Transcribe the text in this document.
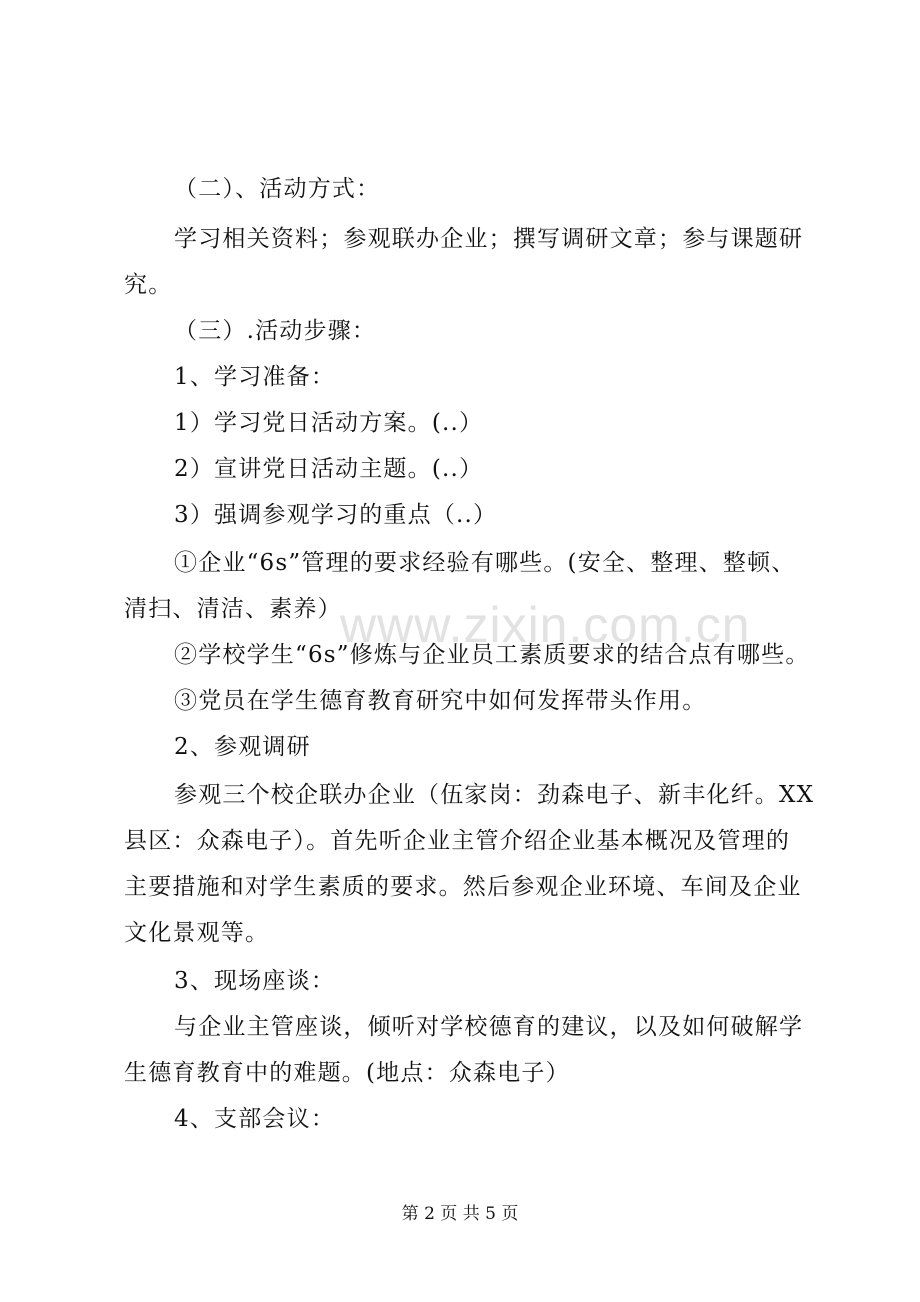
www.zixin.com.cn
（二）、活动方式：
学习相关资料；参观联办企业；撰写调研文章；参与课题研
究。
（三）.活动步骤：
1、学习准备：
1）学习党日活动方案。(..）
2）宣讲党日活动主题。(..）
3）强调参观学习的重点（..）
①企业“6s”管理的要求经验有哪些。(安全、整理、整顿、
清扫、清洁、素养）
②学校学生“6s”修炼与企业员工素质要求的结合点有哪些。
③党员在学生德育教育研究中如何发挥带头作用。
2、参观调研
参观三个校企联办企业（伍家岗：劲森电子、新丰化纤。XX
县区：众森电子）。首先听企业主管介绍企业基本概况及管理的
主要措施和对学生素质的要求。然后参观企业环境、车间及企业
文化景观等。
3、现场座谈：
与企业主管座谈，倾听对学校德育的建议，以及如何破解学
生德育教育中的难题。(地点：众森电子）
4、支部会议：
第 2 页 共 5 页
